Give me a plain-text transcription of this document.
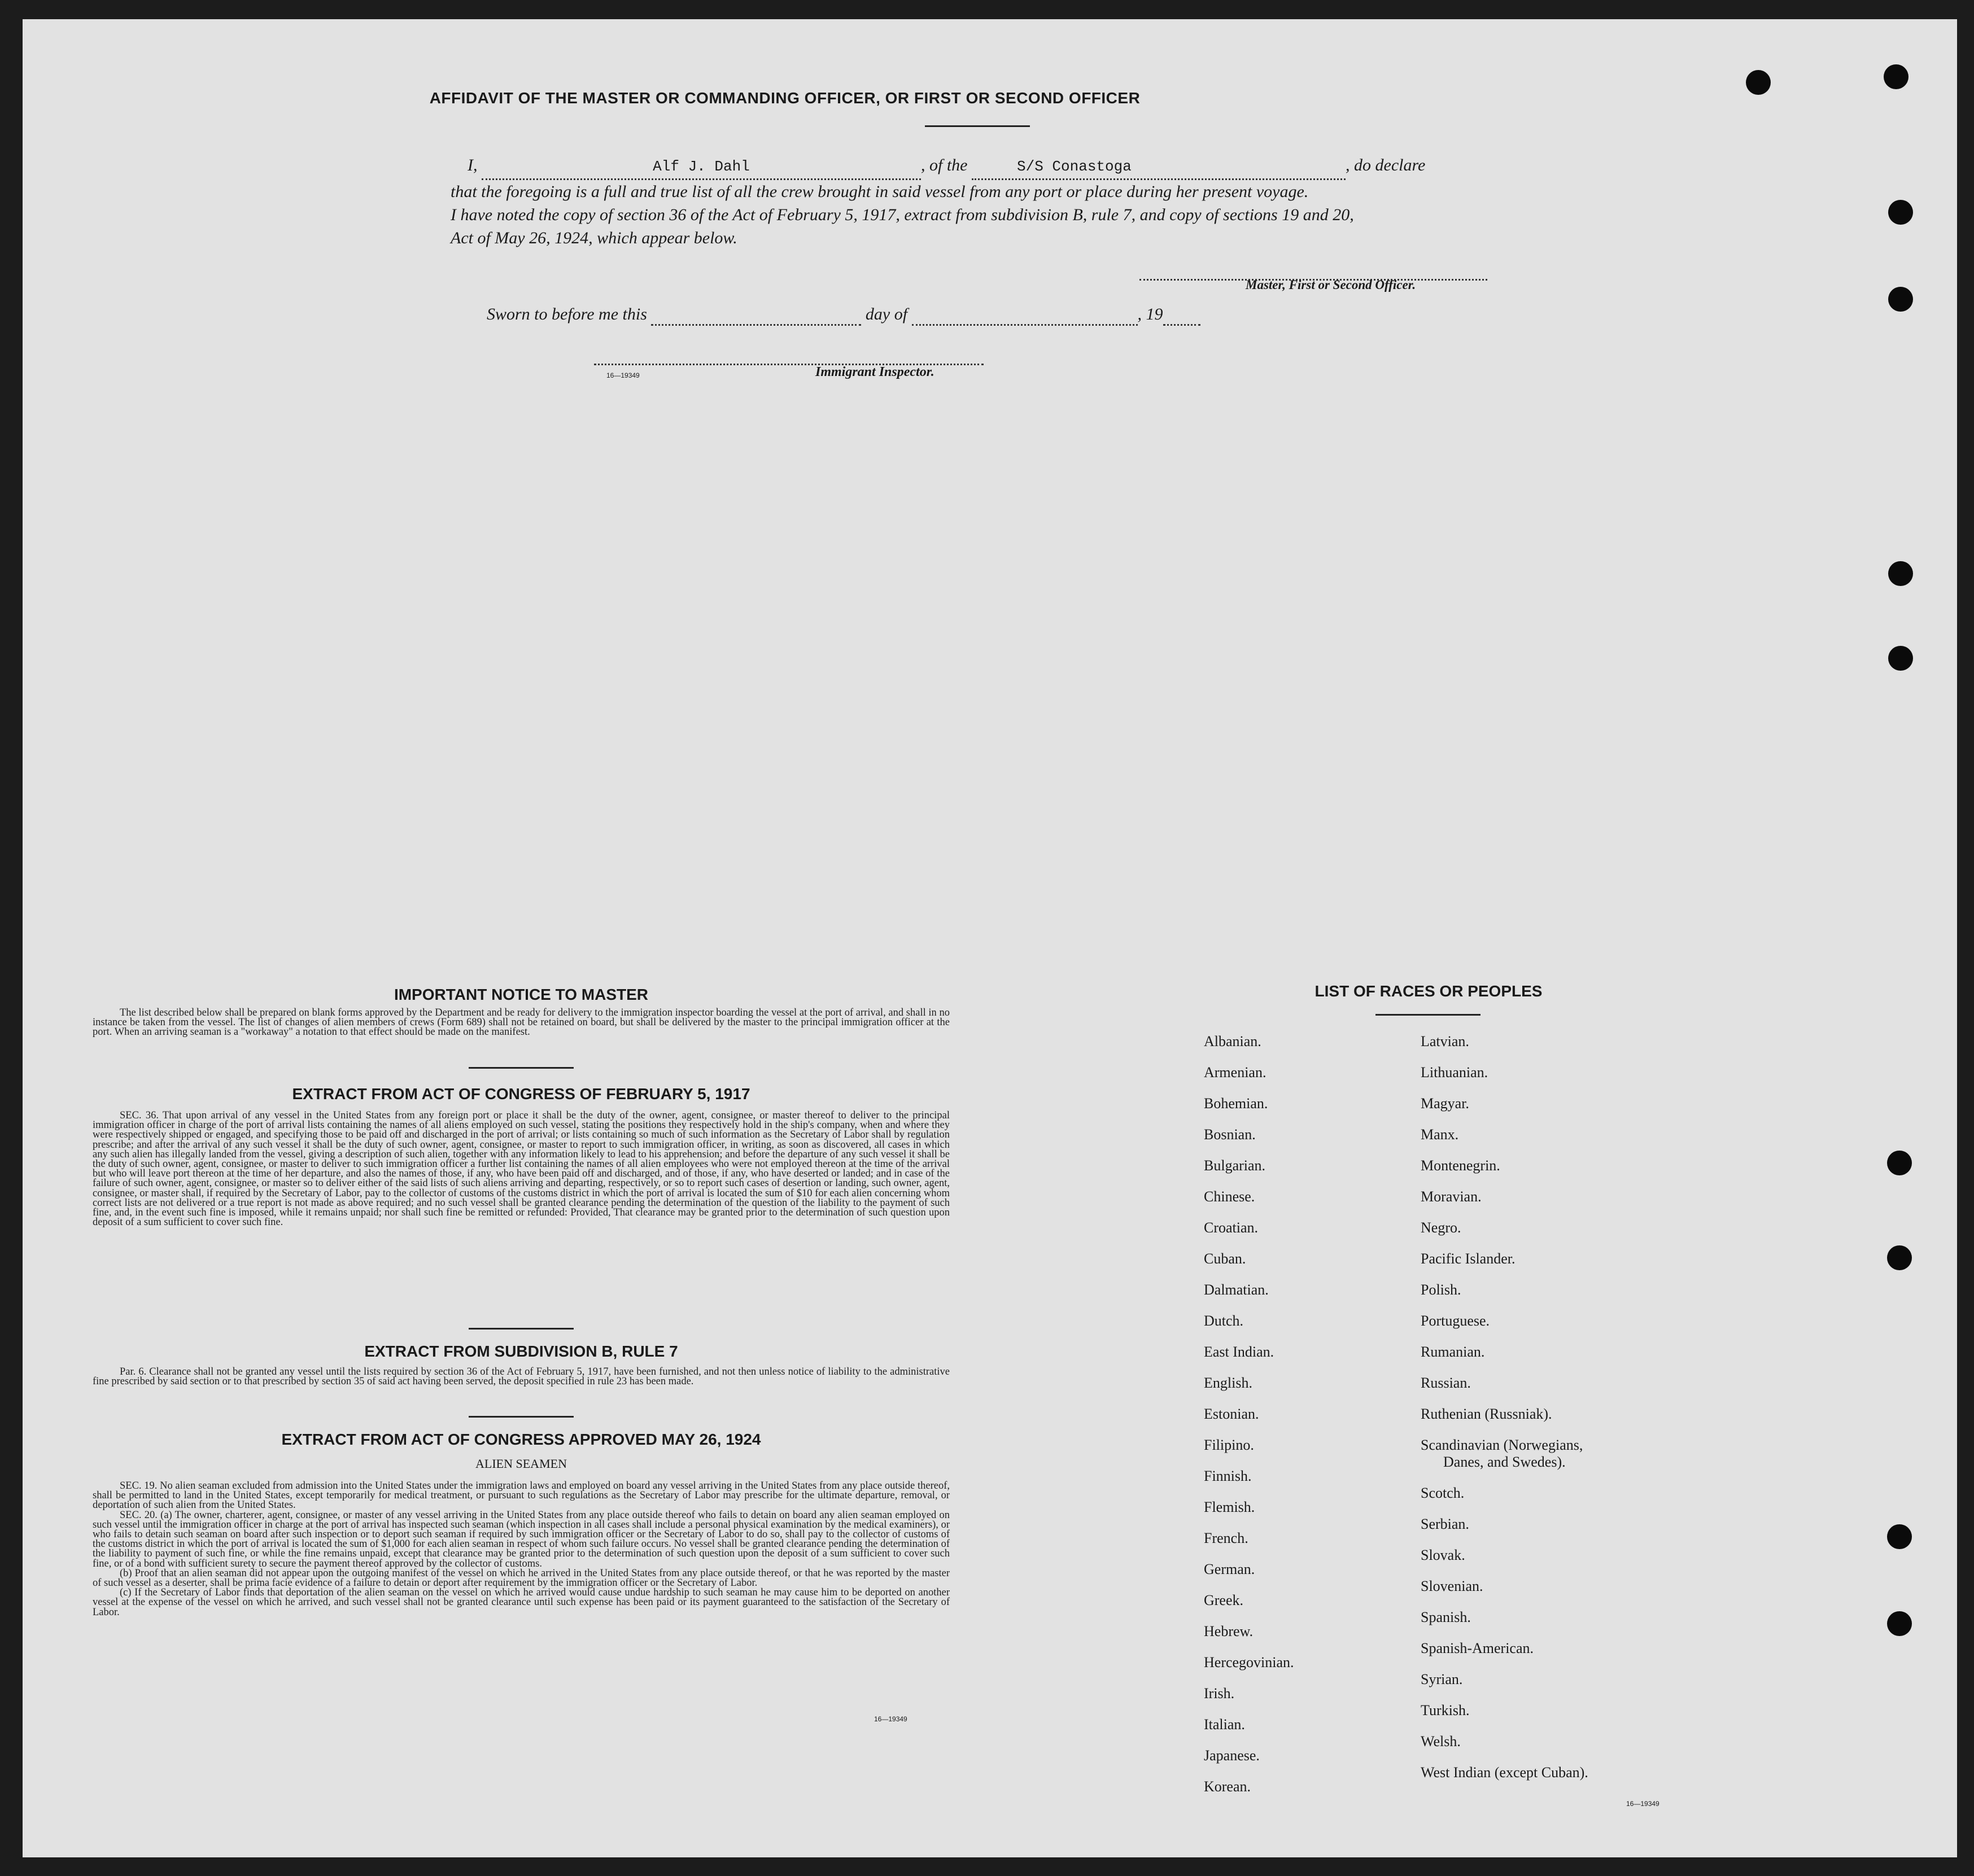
AFFIDAVIT OF THE MASTER OR COMMANDING OFFICER, OR FIRST OR SECOND OFFICER
I,	Alf J. Dahl	, of the	S/S Conastoga	, do declare
that the foregoing is a full and true list of all the crew brought in said vessel from any port or place during her present voyage.
I have noted the copy of section 36 of the Act of February 5, 1917, extract from subdivision B, rule 7, and copy of sections 19 and 20,
Act of May 26, 1924, which appear below.
Master, First or Second Officer.
Sworn to before me this	day of	, 19
16—19349	Immigrant Inspector.
IMPORTANT NOTICE TO MASTER

The list described below shall be prepared on blank forms approved by the Department and be ready for delivery to the immigration inspector boarding the vessel at the port of arrival, and shall in no instance be taken from the vessel. The list of changes of alien members of crews (Form 689) shall not be retained on board, but shall be delivered by the master to the principal immigration officer at the port. When an arriving seaman is a "workaway" a notation to that effect should be made on the manifest.

EXTRACT FROM ACT OF CONGRESS OF FEBRUARY 5, 1917

SEC. 36. That upon arrival of any vessel in the United States from any foreign port or place it shall be the duty of the owner, agent, consignee, or master thereof to deliver to the principal immigration officer in charge of the port of arrival lists containing the names of all aliens employed on such vessel, stating the positions they respectively hold in the ship's company, when and where they were respectively shipped or engaged, and specifying those to be paid off and discharged in the port of arrival; or lists containing so much of such information as the Secretary of Labor shall by regulation prescribe; and after the arrival of any such vessel it shall be the duty of such owner, agent, consignee, or master to report to such immigration officer, in writing, as soon as discovered, all cases in which any such alien has illegally landed from the vessel, giving a description of such alien, together with any information likely to lead to his apprehension; and before the departure of any such vessel it shall be the duty of such owner, agent, consignee, or master to deliver to such immigration officer a further list containing the names of all alien employees who were not employed thereon at the time of the arrival but who will leave port thereon at the time of her departure, and also the names of those, if any, who have been paid off and discharged, and of those, if any, who have deserted or landed; and in case of the failure of such owner, agent, consignee, or master so to deliver either of the said lists of such aliens arriving and departing, respectively, or so to report such cases of desertion or landing, such owner, agent, consignee, or master shall, if required by the Secretary of Labor, pay to the collector of customs of the customs district in which the port of arrival is located the sum of $10 for each alien concerning whom correct lists are not delivered or a true report is not made as above required; and no such vessel shall be granted clearance pending the determination of the question of the liability to the payment of such fine, and, in the event such fine is imposed, while it remains unpaid; nor shall such fine be remitted or refunded: Provided, That clearance may be granted prior to the determination of such question upon deposit of a sum sufficient to cover such fine.

EXTRACT FROM SUBDIVISION B, RULE 7

Par. 6. Clearance shall not be granted any vessel until the lists required by section 36 of the Act of February 5, 1917, have been furnished, and not then unless notice of liability to the administrative fine prescribed by said section or to that prescribed by section 35 of said act having been served, the deposit specified in rule 23 has been made.

EXTRACT FROM ACT OF CONGRESS APPROVED MAY 26, 1924
ALIEN SEAMEN

SEC. 19. No alien seaman excluded from admission into the United States under the immigration laws and employed on board any vessel arriving in the United States from any place outside thereof, shall be permitted to land in the United States, except temporarily for medical treatment, or pursuant to such regulations as the Secretary of Labor may prescribe for the ultimate departure, removal, or deportation of such alien from the United States.

SEC. 20. (a) The owner, charterer, agent, consignee, or master of any vessel arriving in the United States from any place outside thereof who fails to detain on board any alien seaman employed on such vessel until the immigration officer in charge at the port of arrival has inspected such seaman (which inspection in all cases shall include a personal physical examination by the medical examiners), or who fails to detain such seaman on board after such inspection or to deport such seaman if required by such immigration officer or the Secretary of Labor to do so, shall pay to the collector of customs of the customs district in which the port of arrival is located the sum of $1,000 for each alien seaman in respect of whom such failure occurs. No vessel shall be granted clearance pending the determination of the liability to payment of such fine, or while the fine remains unpaid, except that clearance may be granted prior to the determination of such question upon the deposit of a sum sufficient to cover such fine, or of a bond with sufficient surety to secure the payment thereof approved by the collector of customs.

(b) Proof that an alien seaman did not appear upon the outgoing manifest of the vessel on which he arrived in the United States from any place outside thereof, or that he was reported by the master of such vessel as a deserter, shall be prima facie evidence of a failure to detain or deport after requirement by the immigration officer or the Secretary of Labor.

(c) If the Secretary of Labor finds that deportation of the alien seaman on the vessel on which he arrived would cause undue hardship to such seaman he may cause him to be deported on another vessel at the expense of the vessel on which he arrived, and such vessel shall not be granted clearance until such expense has been paid or its payment guaranteed to the satisfaction of the Secretary of Labor.

16—19349
LIST OF RACES OR PEOPLES
Albanian.
Armenian.
Bohemian.
Bosnian.
Bulgarian.
Chinese.
Croatian.
Cuban.
Dalmatian.
Dutch.
East Indian.
English.
Estonian.
Filipino.
Finnish.
Flemish.
French.
German.
Greek.
Hebrew.
Hercegovinian.
Irish.
Italian.
Japanese.
Korean.
Latvian.
Lithuanian.
Magyar.
Manx.
Montenegrin.
Moravian.
Negro.
Pacific Islander.
Polish.
Portuguese.
Rumanian.
Russian.
Ruthenian (Russniak).
Scandinavian (Norwegians,
Danes, and Swedes).
Scotch.
Serbian.
Slovak.
Slovenian.
Spanish.
Spanish-American.
Syrian.
Turkish.
Welsh.
West Indian (except Cuban).
16—19349
